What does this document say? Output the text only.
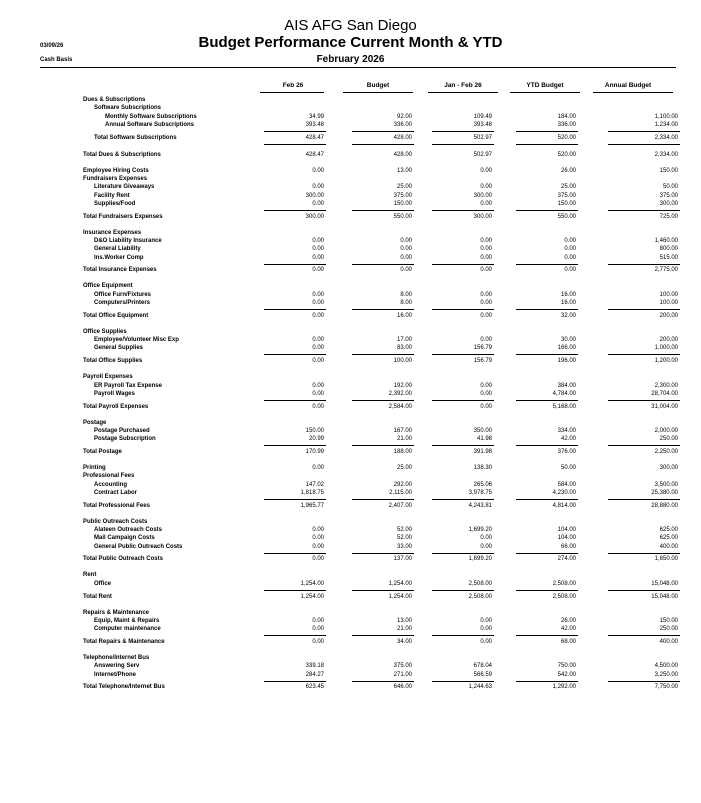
AIS AFG San Diego
Budget Performance Current Month & YTD
February 2026
03/09/26
Cash Basis
Feb 26	Budget	Jan - Feb 26	YTD Budget	Annual Budget
Dues & Subscriptions
Software Subscriptions
Monthly Software Subscriptions	34.99	92.00	109.49	184.00	1,100.00
Annual Software Subscriptions	393.48	336.00	393.48	336.00	1,234.00
Total Software Subscriptions	428.47	428.00	502.97	520.00	2,334.00
Total Dues & Subscriptions	428.47	428.00	502.97	520.00	2,334.00
Employee Hiring Costs	0.00	13.00	0.00	26.00	150.00
Fundraisers Expenses
Literature Giveaways	0.00	25.00	0.00	25.00	50.00
Facility Rent	300.00	375.00	300.00	375.00	375.00
Supplies/Food	0.00	150.00	0.00	150.00	300.00
Total Fundraisers Expenses	300.00	550.00	300.00	550.00	725.00
Insurance Expenses
D&O Liability Insurance	0.00	0.00	0.00	0.00	1,460.00
General Liability	0.00	0.00	0.00	0.00	800.00
Ins.Worker Comp	0.00	0.00	0.00	0.00	515.00
Total Insurance Expenses	0.00	0.00	0.00	0.00	2,775.00
Office Equipment
Office Furn/Fixtures	0.00	8.00	0.00	16.00	100.00
Computers/Printers	0.00	8.00	0.00	16.00	100.00
Total Office Equipment	0.00	16.00	0.00	32.00	200.00
Office Supplies
Employee/Volunteer Misc Exp	0.00	17.00	0.00	30.00	200.00
General Supplies	0.00	83.00	156.79	166.00	1,000.00
Total Office Supplies	0.00	100.00	156.79	196.00	1,200.00
Payroll Expenses
ER Payroll Tax Expense	0.00	192.00	0.00	384.00	2,300.00
Payroll Wages	0.00	2,392.00	0.00	4,784.00	28,704.00
Total Payroll Expenses	0.00	2,584.00	0.00	5,168.00	31,004.00
Postage
Postage Purchased	150.00	167.00	350.00	334.00	2,000.00
Postage Subscription	20.99	21.00	41.98	42.00	250.00
Total Postage	170.99	188.00	391.98	376.00	2,250.00
Printing	0.00	25.00	138.30	50.00	300.00
Professional Fees
Accounting	147.02	292.00	265.06	584.00	3,500.00
Contract Labor	1,818.75	2,115.00	3,978.75	4,230.00	25,380.00
Total Professional Fees	1,965.77	2,407.00	4,243.81	4,814.00	28,880.00
Public Outreach Costs
Alateen Outreach Costs	0.00	52.00	1,699.20	104.00	625.00
Mail Campaign Costs	0.00	52.00	0.00	104.00	625.00
General Public Outreach Costs	0.00	33.00	0.00	66.00	400.00
Total Public Outreach Costs	0.00	137.00	1,699.20	274.00	1,650.00
Rent
Office	1,254.00	1,254.00	2,508.00	2,508.00	15,048.00
Total Rent	1,254.00	1,254.00	2,508.00	2,508.00	15,048.00
Repairs & Maintenance
Equip, Maint & Repairs	0.00	13.00	0.00	26.00	150.00
Computer maintenance	0.00	21.00	0.00	42.00	250.00
Total Repairs & Maintenance	0.00	34.00	0.00	68.00	400.00
Telephone/Internet Bus
Answering Serv	339.18	375.00	678.04	750.00	4,500.00
Internet/Phone	284.27	271.00	566.59	542.00	3,250.00
Total Telephone/Internet Bus	623.45	646.00	1,244.63	1,292.00	7,750.00
